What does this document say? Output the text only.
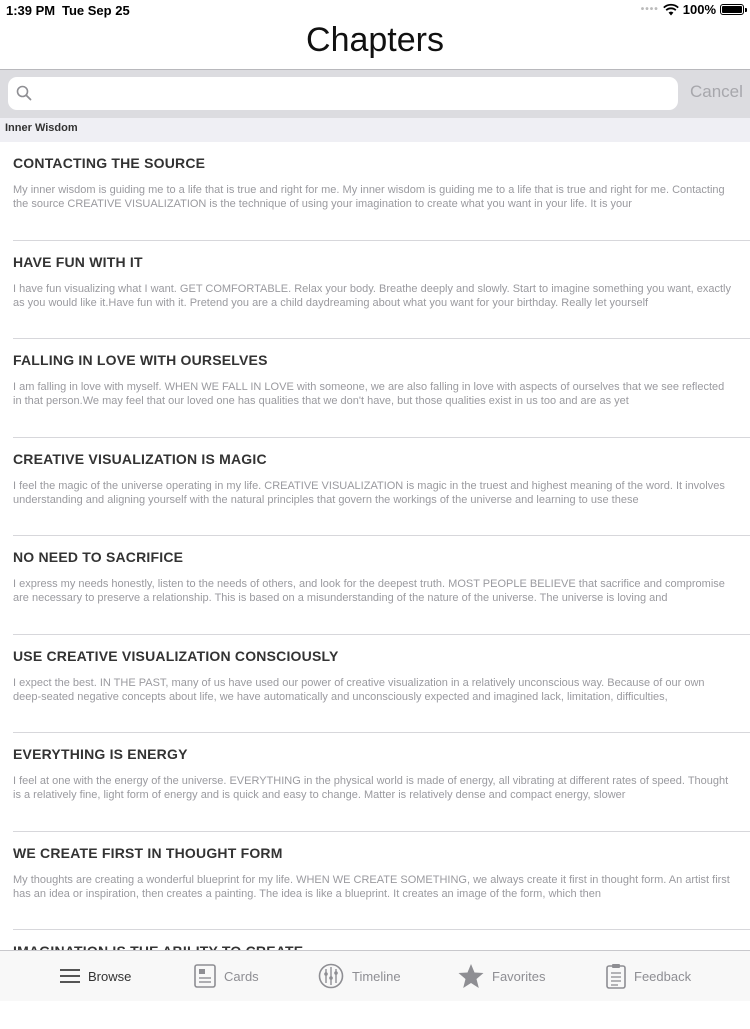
1:39 PM Tue Sep 25	•••• 100%
Chapters
Cancel
Inner Wisdom
CONTACTING THE SOURCE
My inner wisdom is guiding me to a life that is true and right for me. My inner wisdom is guiding me to a life that is true and right for me. Contacting the source CREATIVE VISUALIZATION is the technique of using your imagination to create what you want in your life. It is your
HAVE FUN WITH IT
I have fun visualizing what I want. GET COMFORTABLE. Relax your body. Breathe deeply and slowly. Start to imagine something you want, exactly as you would like it.Have fun with it. Pretend you are a child daydreaming about what you want for your birthday. Really let yourself
FALLING IN LOVE WITH OURSELVES
I am falling in love with myself. WHEN WE FALL IN LOVE with someone, we are also falling in love with aspects of ourselves that we see reflected in that person.We may feel that our loved one has qualities that we don't have, but those qualities exist in us too and are as yet
CREATIVE VISUALIZATION IS MAGIC
I feel the magic of the universe operating in my life. CREATIVE VISUALIZATION is magic in the truest and highest meaning of the word. It involves understanding and aligning yourself with the natural principles that govern the workings of the universe and learning to use these
NO NEED TO SACRIFICE
I express my needs honestly, listen to the needs of others, and look for the deepest truth. MOST PEOPLE BELIEVE that sacrifice and compromise are necessary to preserve a relationship. This is based on a misunderstanding of the nature of the universe. The universe is loving and
USE CREATIVE VISUALIZATION CONSCIOUSLY
I expect the best. IN THE PAST, many of us have used our power of creative visualization in a relatively unconscious way. Because of our own deep-seated negative concepts about life, we have automatically and unconsciously expected and imagined lack, limitation, difficulties,
EVERYTHING IS ENERGY
I feel at one with the energy of the universe. EVERYTHING in the physical world is made of energy, all vibrating at different rates of speed. Thought is a relatively fine, light form of energy and is quick and easy to change. Matter is relatively dense and compact energy, slower
WE CREATE FIRST IN THOUGHT FORM
My thoughts are creating a wonderful blueprint for my life. WHEN WE CREATE SOMETHING, we always create it first in thought form. An artist first has an idea or inspiration, then creates a painting. The idea is like a blueprint. It creates an image of the form, which then
Browse	Cards	Timeline	Favorites	Feedback
